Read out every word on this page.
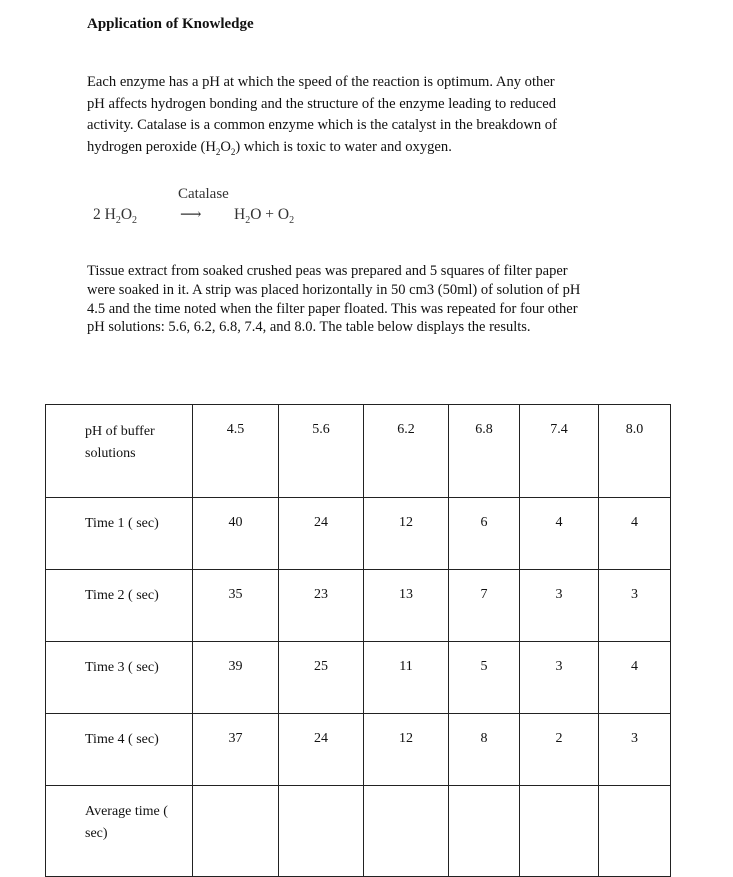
Application of Knowledge
Each enzyme has a pH at which the speed of the reaction is optimum. Any other pH affects hydrogen bonding and the structure of the enzyme leading to reduced activity. Catalase is a common enzyme which is the catalyst in the breakdown of hydrogen peroxide $(H_2O_2)$ which is toxic to water and oxygen.
Catalase
2 $H_2O_2$	⟶ $H_2O + O_2$
Tissue extract from soaked crushed peas was prepared and 5 squares of filter paper were soaked in it. A strip was placed horizontally in 50 cm3 (50ml) of solution of pH 4.5 and the time noted when the filter paper floated. This was repeated for four other pH solutions: 5.6, 6.2, 6.8, 7.4, and 8.0. The table below displays the results.
pH of buffer solutions	4.5	5.6	6.2	6.8	7.4	8.0
Time 1 ( sec)	40	24	12	6	4	4
Time 2 ( sec)	35	23	13	7	3	3
Time 3 ( sec)	39	25	11	5	3	4
Time 4 ( sec)	37	24	12	8	2	3
Average time ( sec)						
